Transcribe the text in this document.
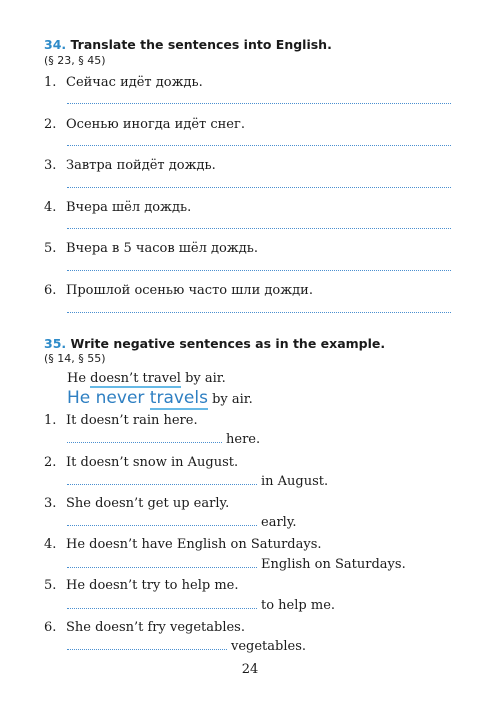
34. Translate the sentences into English.
(§ 23, § 45)
1. Сейчас идёт дождь.
2. Осенью иногда идёт снег.
3. Завтра пойдёт дождь.
4. Вчера шёл дождь.
5. Вчера в 5 часов шёл дождь.
6. Прошлой осенью часто шли дожди.
35. Write negative sentences as in the example.
(§ 14, § 55)
He doesn’t travel by air.
He never travels by air.
1. It doesn’t rain here.
here.
2. It doesn’t snow in August.
in August.
3. She doesn’t get up early.
early.
4. He doesn’t have English on Saturdays.
English on Saturdays.
5. He doesn’t try to help me.
to help me.
6. She doesn’t fry vegetables.
vegetables.
24
